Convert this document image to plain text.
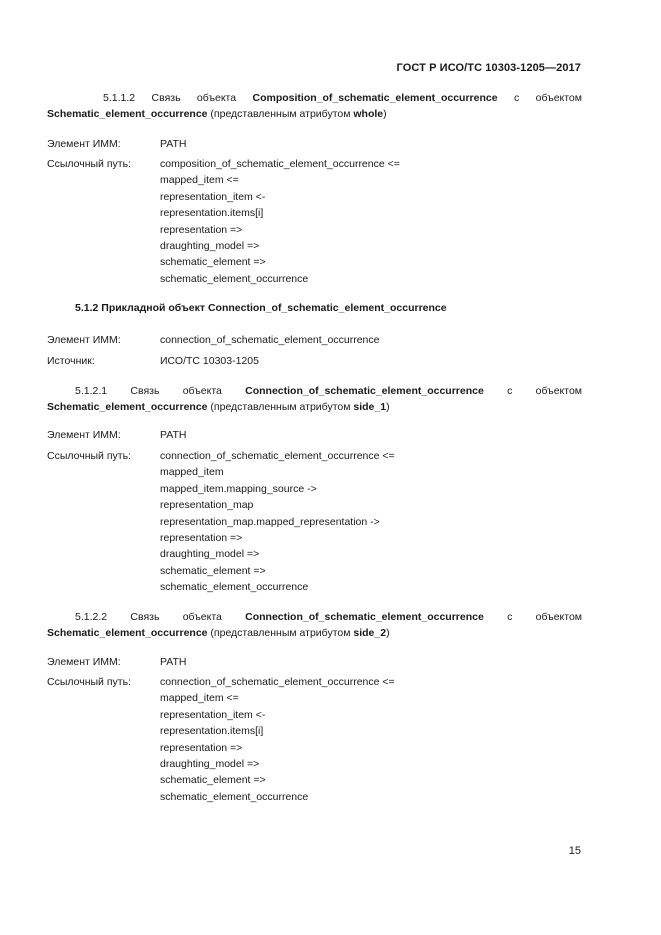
ГОСТ Р ИСО/ТС 10303-1205—2017
5.1.1.2 Связь объекта Composition_of_schematic_element_occurrence с объектом Schematic_element_occurrence (представленным атрибутом whole)
Элемент ИММ:	PATH
Ссылочный путь:	composition_of_schematic_element_occurrence <=
mapped_item <=
representation_item <-
representation.items[i]
representation =>
draughting_model =>
schematic_element =>
schematic_element_occurrence
5.1.2 Прикладной объект Connection_of_schematic_element_occurrence
Элемент ИММ:	connection_of_schematic_element_occurrence
Источник:	ИСО/ТС 10303-1205
5.1.2.1 Связь объекта Connection_of_schematic_element_occurrence с объектом Schematic_element_occurrence (представленным атрибутом side_1)
Элемент ИММ:	PATH
Ссылочный путь:	connection_of_schematic_element_occurrence <=
mapped_item
mapped_item.mapping_source ->
representation_map
representation_map.mapped_representation ->
representation =>
draughting_model =>
schematic_element =>
schematic_element_occurrence
5.1.2.2 Связь объекта Connection_of_schematic_element_occurrence с объектом Schematic_element_occurrence (представленным атрибутом side_2)
Элемент ИММ:	PATH
Ссылочный путь:	connection_of_schematic_element_occurrence <=
mapped_item <=
representation_item <-
representation.items[i]
representation =>
draughting_model =>
schematic_element =>
schematic_element_occurrence
15
